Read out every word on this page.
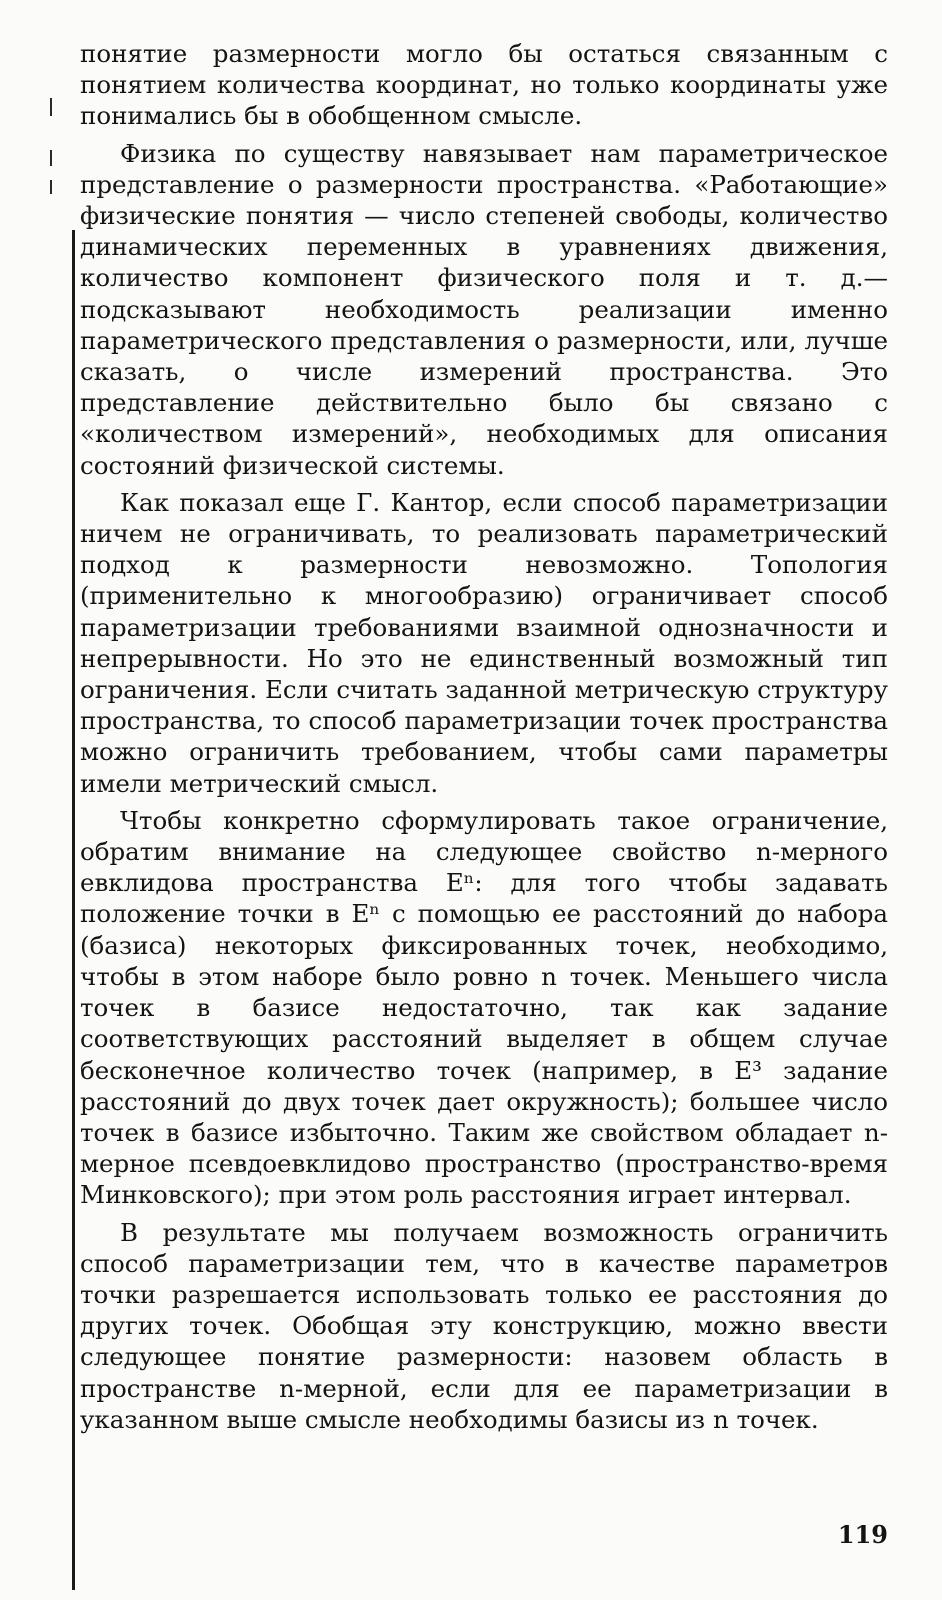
понятие размерности могло бы остаться связанным с понятием количества координат, но только координаты уже понимались бы в обобщенном смысле.

Физика по существу навязывает нам параметрическое представление о размерности пространства. «Работающие» физические понятия — число степеней свободы, количество динамических переменных в уравнениях движения, количество компонент физического поля и т. д.— подсказывают необходимость реализации именно параметрического представления о размерности, или, лучше сказать, о числе измерений пространства. Это представление действительно было бы связано с «количеством измерений», необходимых для описания состояний физической системы.

Как показал еще Г. Кантор, если способ параметризации ничем не ограничивать, то реализовать параметрический подход к размерности невозможно. Топология (применительно к многообразию) ограничивает способ параметризации требованиями взаимной однозначности и непрерывности. Но это не единственный возможный тип ограничения. Если считать заданной метрическую структуру пространства, то способ параметризации точек пространства можно ограничить требованием, чтобы сами параметры имели метрический смысл.

Чтобы конкретно сформулировать такое ограничение, обратим внимание на следующее свойство n-мерного евклидова пространства Eⁿ: для того чтобы задавать положение точки в Eⁿ с помощью ее расстояний до набора (базиса) некоторых фиксированных точек, необходимо, чтобы в этом наборе было ровно n точек. Меньшего числа точек в базисе недостаточно, так как задание соответствующих расстояний выделяет в общем случае бесконечное количество точек (например, в E³ задание расстояний до двух точек дает окружность); большее число точек в базисе избыточно. Таким же свойством обладает n-мерное псевдоевклидово пространство (пространство-время Минковского); при этом роль расстояния играет интервал.

В результате мы получаем возможность ограничить способ параметризации тем, что в качестве параметров точки разрешается использовать только ее расстояния до других точек. Обобщая эту конструкцию, можно ввести следующее понятие размерности: назовем область в пространстве n-мерной, если для ее параметризации в указанном выше смысле необходимы базисы из n точек.

119
